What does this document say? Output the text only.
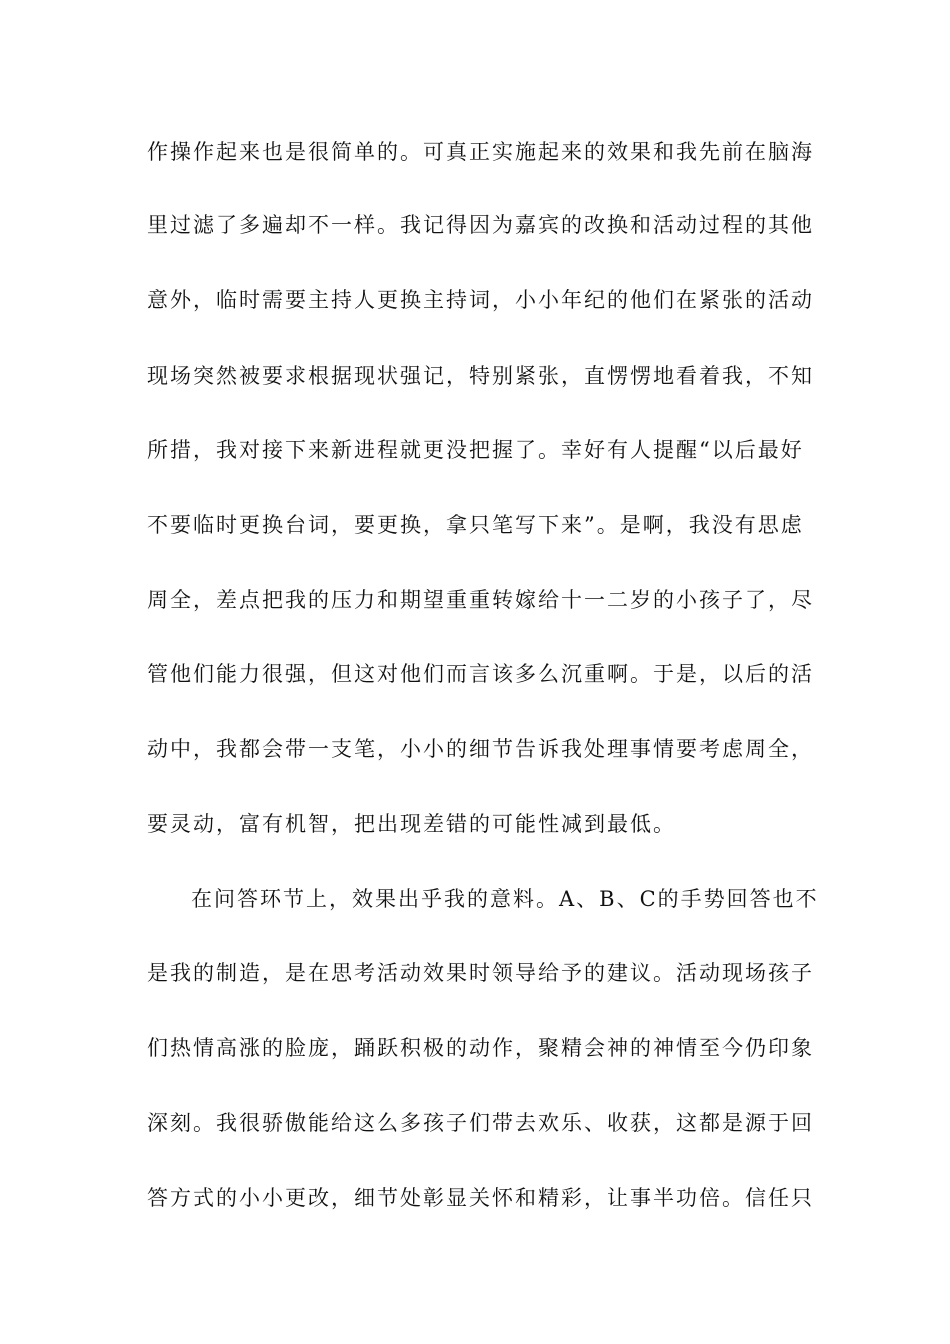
作操作起来也是很简单的。可真正实施起来的效果和我先前在脑海
里过滤了多遍却不一样。我记得因为嘉宾的改换和活动过程的其他
意外，临时需要主持人更换主持词，小小年纪的他们在紧张的活动
现场突然被要求根据现状强记，特别紧张，直愣愣地看着我，不知
所措，我对接下来新进程就更没把握了。幸好有人提醒“以后最好
不要临时更换台词，要更换，拿只笔写下来”。是啊，我没有思虑
周全，差点把我的压力和期望重重转嫁给十一二岁的小孩子了，尽
管他们能力很强，但这对他们而言该多么沉重啊。于是，以后的活
动中，我都会带一支笔，小小的细节告诉我处理事情要考虑周全，
要灵动，富有机智，把出现差错的可能性减到最低。
在问答环节上，效果出乎我的意料。A、B、C的手势回答也不
是我的制造，是在思考活动效果时领导给予的建议。活动现场孩子
们热情高涨的脸庞，踊跃积极的动作，聚精会神的神情至今仍印象
深刻。我很骄傲能给这么多孩子们带去欢乐、收获，这都是源于回
答方式的小小更改，细节处彰显关怀和精彩，让事半功倍。信任只
